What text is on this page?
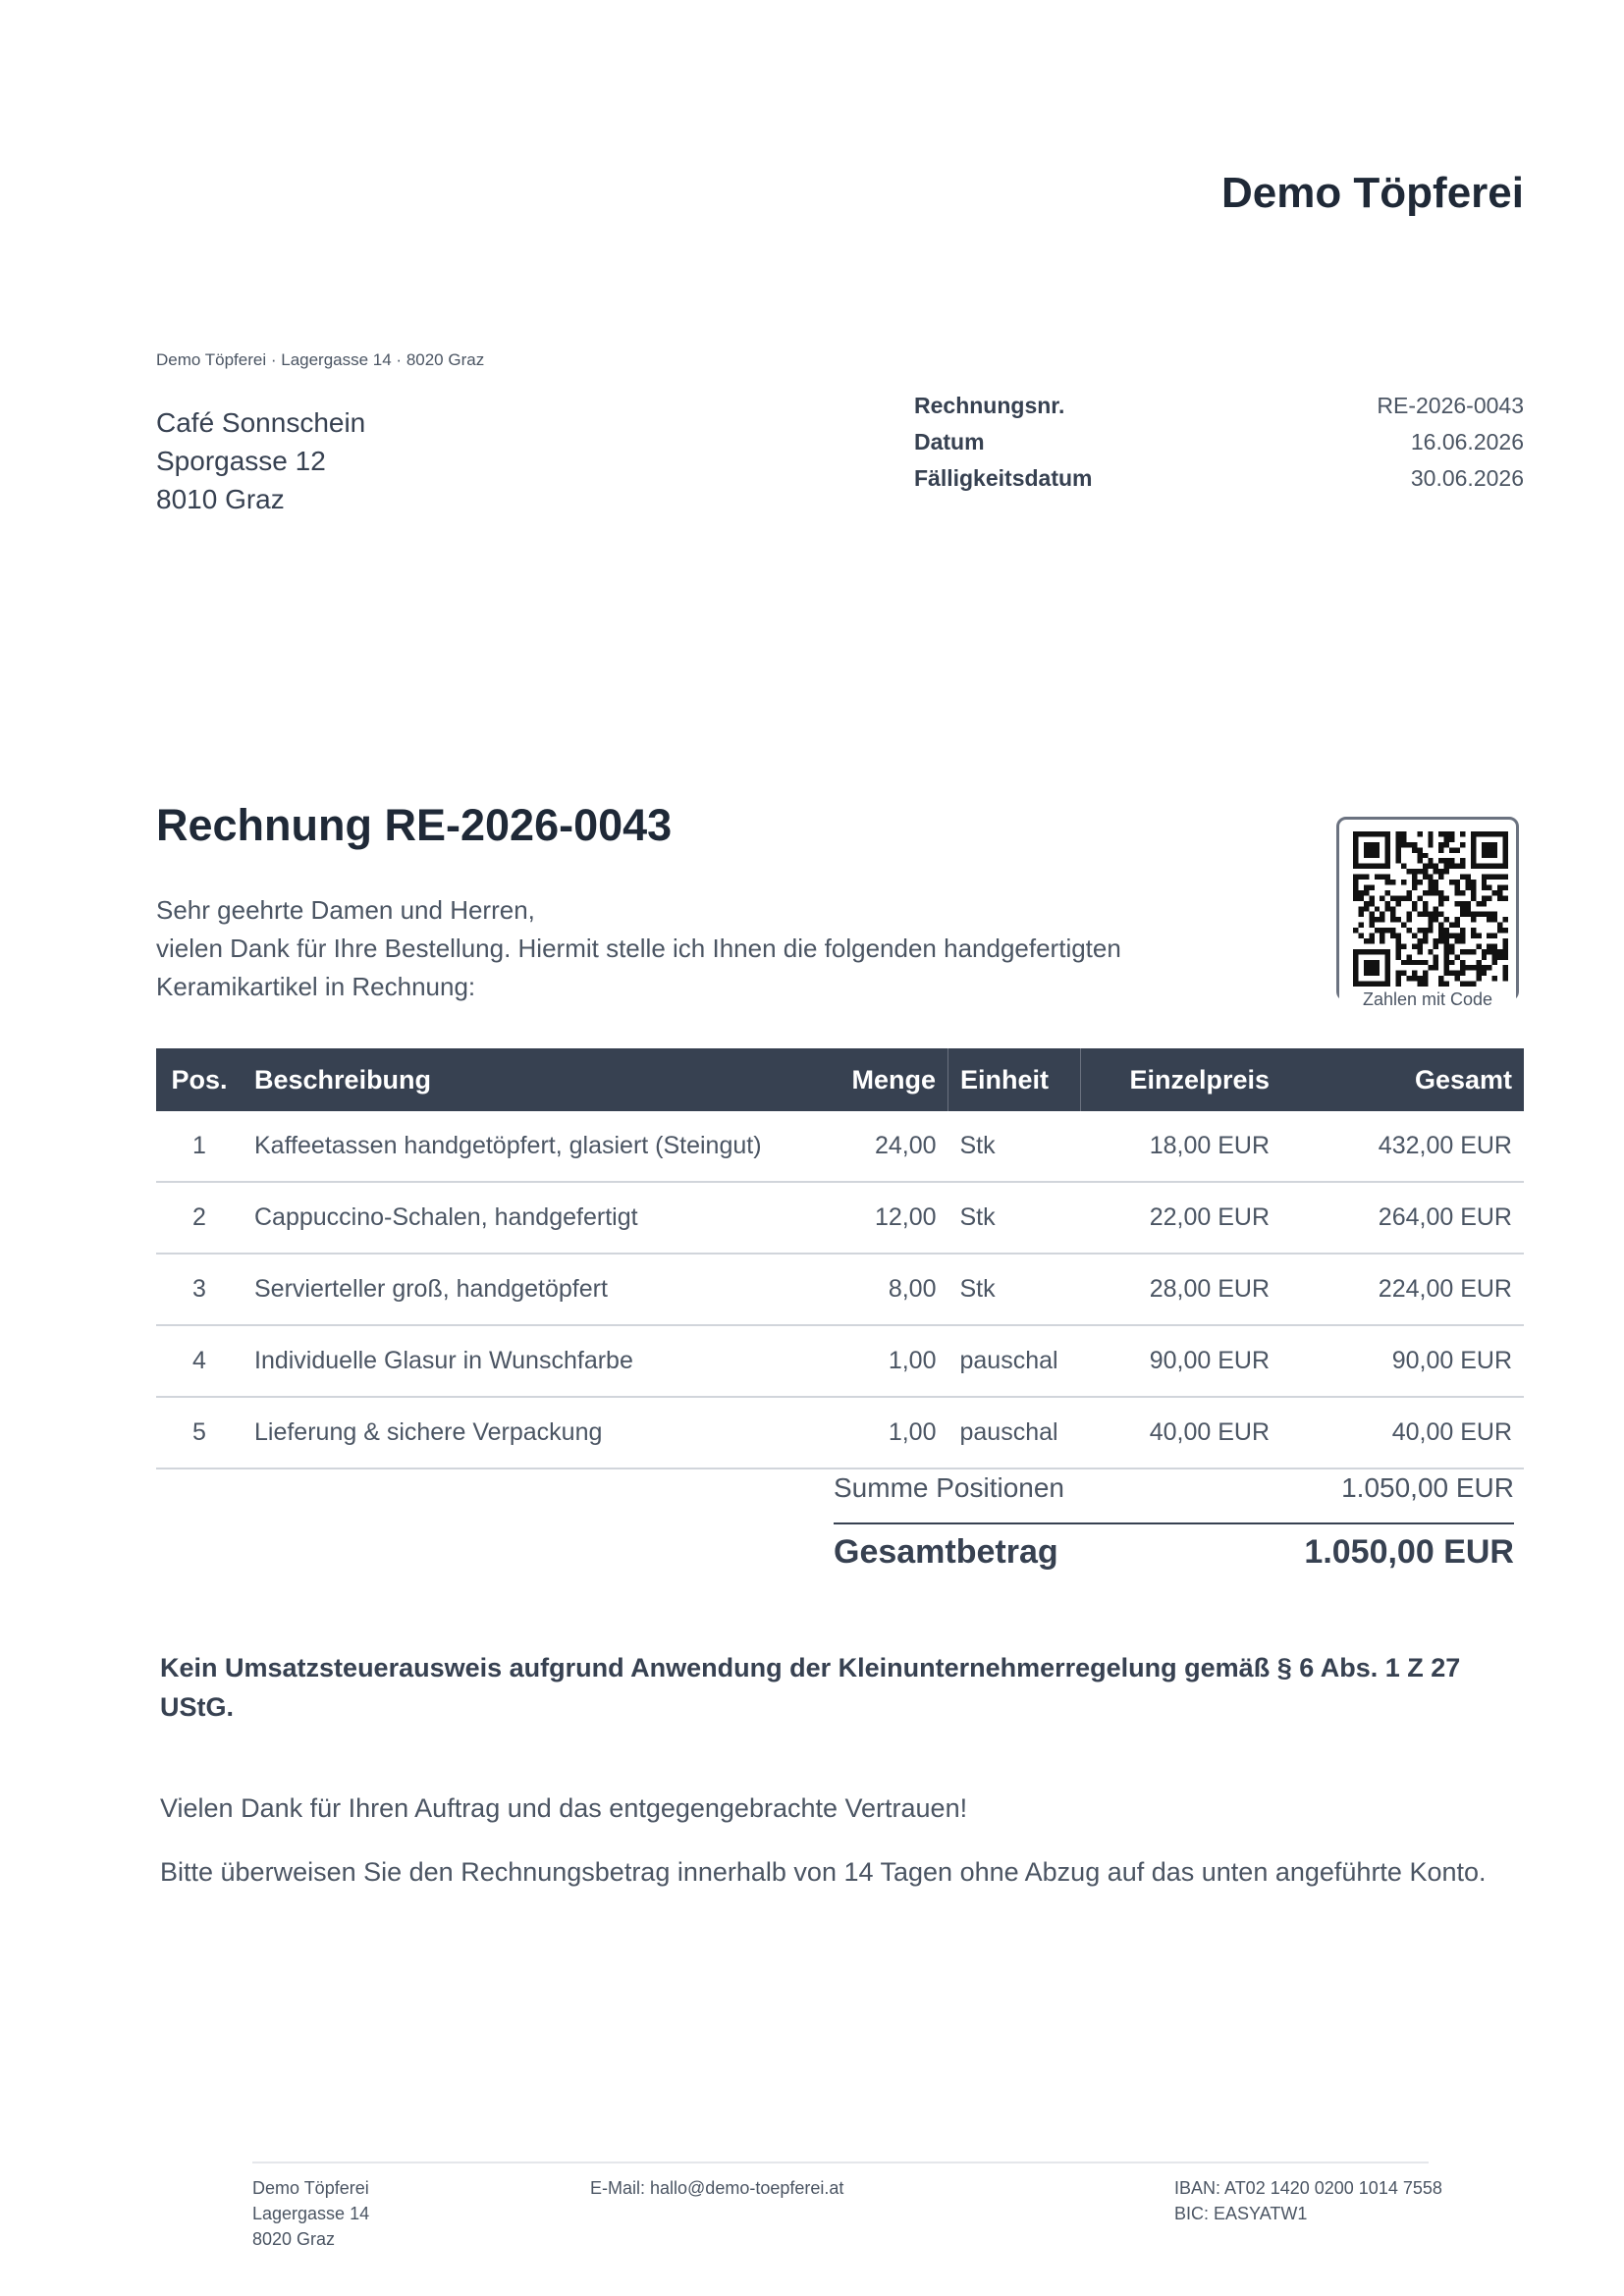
Demo Töpferei
Demo Töpferei · Lagergasse 14 · 8020 Graz
Café Sonnschein
Sporgasse 12
8010 Graz
Rechnungsnr.	RE-2026-0043
Datum	16.06.2026
Fälligkeitsdatum	30.06.2026
Rechnung RE-2026-0043
Sehr geehrte Damen und Herren,
vielen Dank für Ihre Bestellung. Hiermit stelle ich Ihnen die folgenden handgefertigten Keramikartikel in Rechnung:	Zahlen mit Code
Pos.	Beschreibung	Menge	Einheit	Einzelpreis	Gesamt
1	Kaffeetassen handgetöpfert, glasiert (Steingut)	24,00	Stk	18,00 EUR	432,00 EUR
2	Cappuccino-Schalen, handgefertigt	12,00	Stk	22,00 EUR	264,00 EUR
3	Servierteller groß, handgetöpfert	8,00	Stk	28,00 EUR	224,00 EUR
4	Individuelle Glasur in Wunschfarbe	1,00	pauschal	90,00 EUR	90,00 EUR
5	Lieferung & sichere Verpackung	1,00	pauschal	40,00 EUR	40,00 EUR
Summe Positionen	1.050,00 EUR
Gesamtbetrag	1.050,00 EUR
Kein Umsatzsteuerausweis aufgrund Anwendung der Kleinunternehmerregelung gemäß § 6 Abs. 1 Z 27 UStG.
Vielen Dank für Ihren Auftrag und das entgegengebrachte Vertrauen!
Bitte überweisen Sie den Rechnungsbetrag innerhalb von 14 Tagen ohne Abzug auf das unten angeführte Konto.
Demo Töpferei
Lagergasse 14
8020 Graz
E-Mail: hallo@demo-toepferei.at	IBAN: AT02 1420 0200 1014 7558
BIC: EASYATW1
